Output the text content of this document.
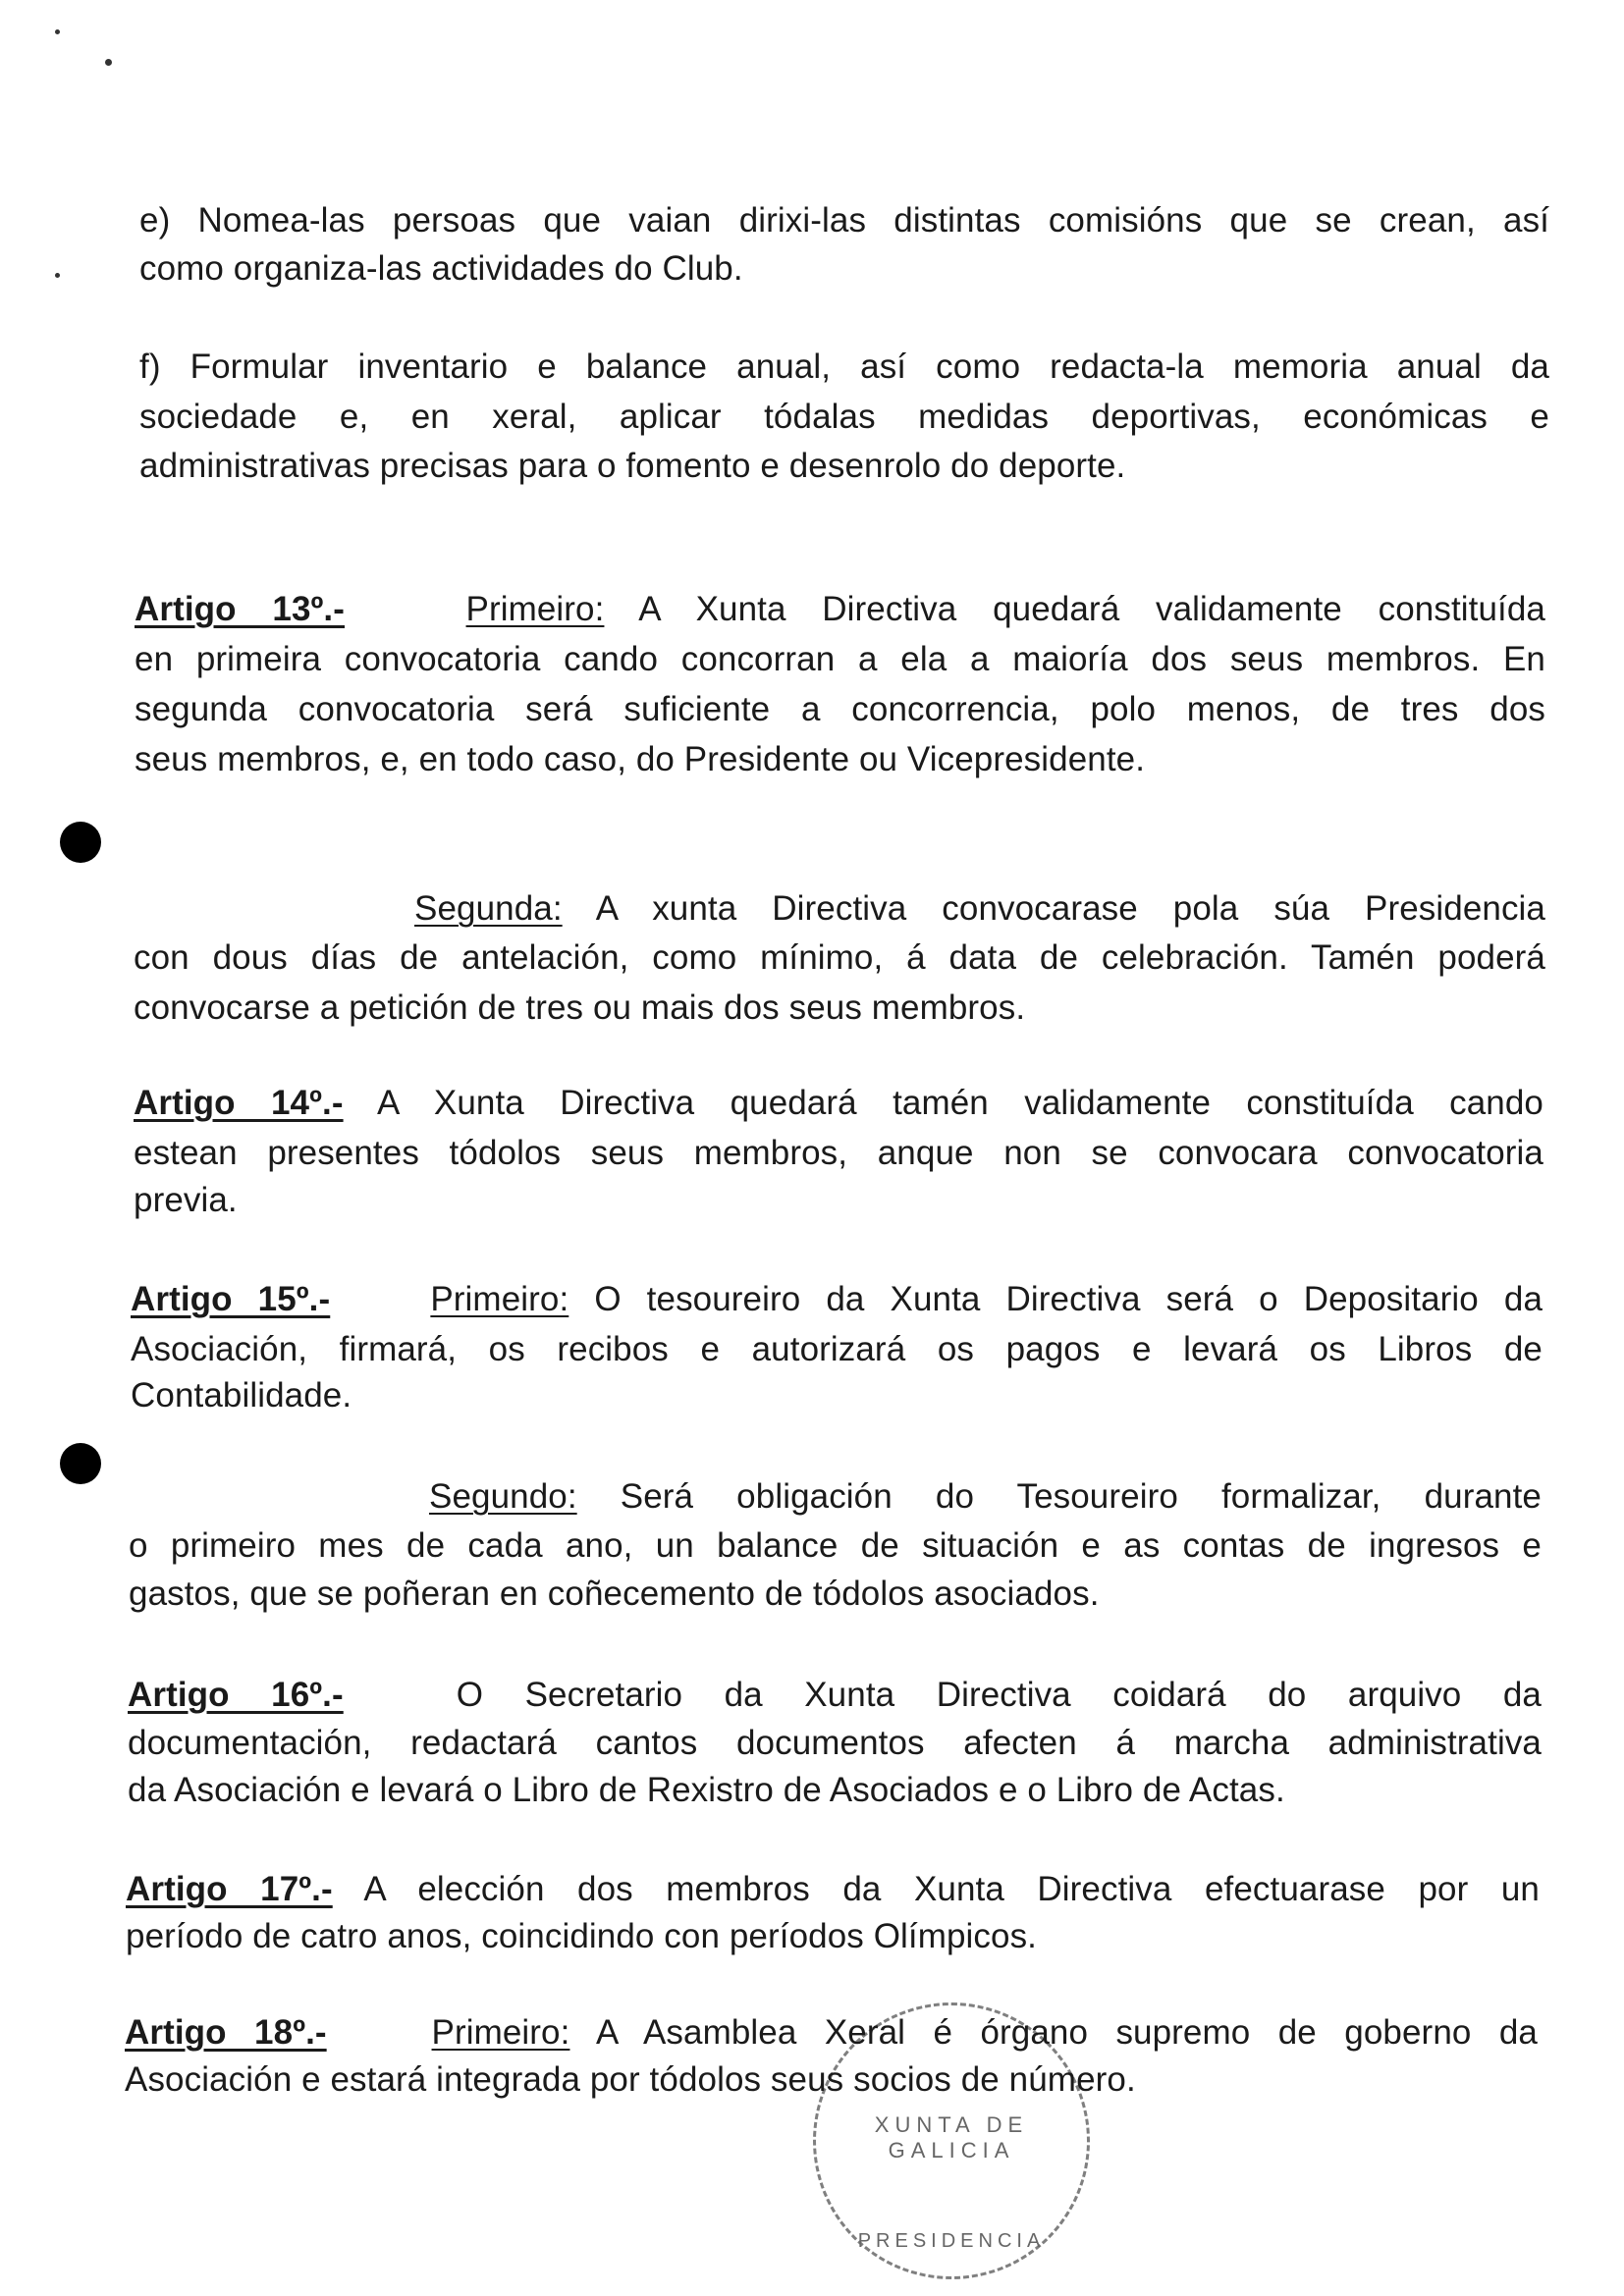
XUNTA DE GALICIA
PRESIDENCIA
e) Nomea-las persoas que vaian dirixi-las distintas comisións que se crean, así
como organiza-las actividades do Club.
f) Formular inventario e balance anual, así como redacta-la memoria anual da
sociedade e, en xeral, aplicar tódalas medidas deportivas, económicas e
administrativas precisas para o fomento e desenrolo do deporte.
Artigo 13º.-	Primeiro: A Xunta Directiva quedará validamente constituída
en primeira convocatoria cando concorran a ela a maioría dos seus membros. En
segunda convocatoria será suficiente a concorrencia, polo menos, de tres dos
seus membros, e, en todo caso, do Presidente ou Vicepresidente.
Segunda: A xunta Directiva convocarase pola súa Presidencia
con dous días de antelación, como mínimo, á data de celebración. Tamén poderá
convocarse a petición de tres ou mais dos seus membros.
Artigo 14º.- A Xunta Directiva quedará tamén validamente constituída cando
estean presentes tódolos seus membros, anque non se convocara convocatoria
previa.
Artigo 15º.-	Primeiro: O tesoureiro da Xunta Directiva será o Depositario da
Asociación, firmará, os recibos e autorizará os pagos e levará os Libros de
Contabilidade.
Segundo: Será obligación do Tesoureiro formalizar, durante
o primeiro mes de cada ano, un balance de situación e as contas de ingresos e
gastos, que se poñeran en coñecemento de tódolos asociados.
Artigo 16º.-	O Secretario da Xunta Directiva coidará do arquivo da
documentación, redactará cantos documentos afecten á marcha administrativa
da Asociación e levará o Libro de Rexistro de Asociados e o Libro de Actas.
Artigo 17º.- A elección dos membros da Xunta Directiva efectuarase por un
período de catro anos, coincidindo con períodos Olímpicos.
Artigo 18º.-	Primeiro: A Asamblea Xeral é órgano supremo de goberno da
Asociación e estará integrada por tódolos seus socios de número.
